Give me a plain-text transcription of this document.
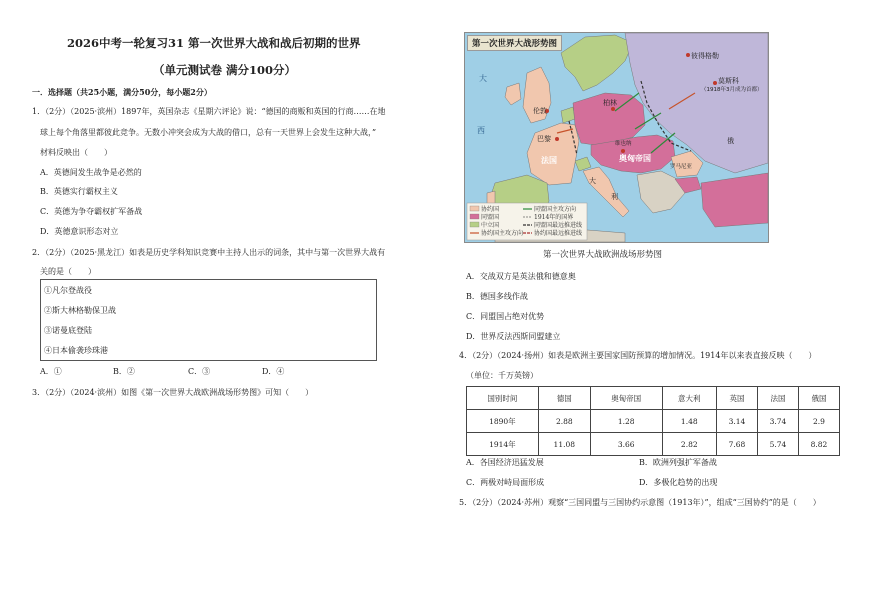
2026中考一轮复习31 第一次世界大战和战后初期的世界
（单元测试卷 满分100分）
一．选择题（共25小题，满分50分，每小题2分）
1．（2分）（2025·滨州）1897年，英国杂志《星期六评论》说：“德国的商贩和英国的行商……在地
球上每个角落里都彼此竞争。无数小冲突会成为大战的借口，总有一天世界上会发生这种大战，”
材料反映出（　　）
A．英德间发生战争是必然的
B．英德实行霸权主义
C．英德为争夺霸权扩军备战
D．英德意识形态对立
2．（2分）（2025·黑龙江）如表是历史学科知识竞赛中主持人出示的词条，其中与第一次世界大战有
关的是（　　）
①凡尔登战役
②斯大林格勒保卫战
③诺曼底登陆
④日本偷袭珍珠港
A．①	B．②	C．③	D．④
3．（2分）（2024·滨州）如图《第一次世界大战欧洲战场形势图》可知（　　）
彼得格勒
莫斯科
（1918年3月成为首都）
柏林
伦敦
巴黎
法国
维也纳
奥匈帝国
罗马尼亚
俄
大
西
大
利
协约国
同盟国
中立国
协约国主攻方向
同盟国主攻方向
1914年的国界
同盟国最远推进线
协约国最远推进线
第一次世界大战形势图
第一次世界大战欧洲战场形势图
A．交战双方是英法俄和德意奥
B．德国多线作战
C．同盟国占绝对优势
D．世界反法西斯同盟建立
4．（2分）（2024·扬州）如表是欧洲主要国家国防预算的增加情况。1914年以来表直接反映（　　）
（单位：千万英镑）
国别时间	德国	奥匈帝国	意大利	英国	法国	俄国
1890年	2.88	1.28	1.48	3.14	3.74	2.9
1914年	11.08	3.66	2.82	7.68	5.74	8.82
A．各国经济迅猛发展	B．欧洲列强扩军备战
C．两极对峙局面形成	D．多极化趋势的出现
5．（2分）（2024·苏州）观察“三国同盟与三国协约示意图（1913年）”，组成“三国协约”的是（　　）
